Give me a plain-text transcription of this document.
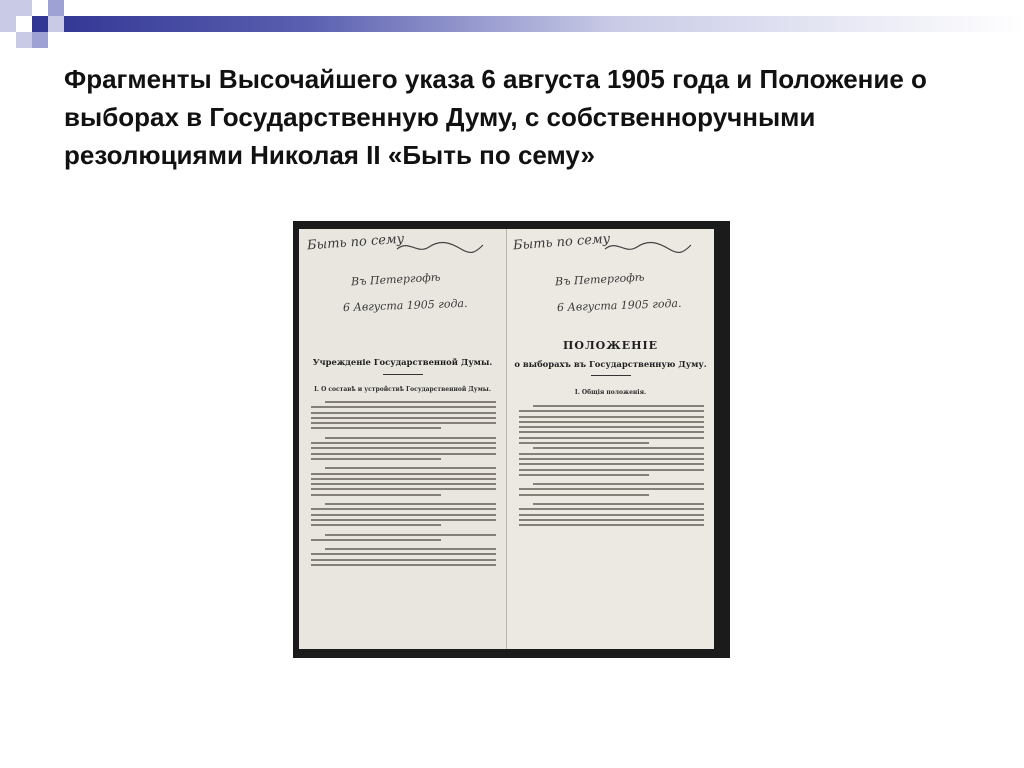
Фрагменты Высочайшего указа 6 августа 1905 года и Положение о выборах в Государственную Думу, с собственноручными резолюциями Николая II «Быть по сему»
Быть по сему
Въ Петергофѣ
6 Августа 1905 года.
Учрежденіе Государственной Думы.
I. О составѣ и устройствѣ Государственной Думы.
Быть по сему
Въ Петергофѣ
6 Августа 1905 года.
ПОЛОЖЕНІЕ
о выборахъ въ Государственную Думу.
I. Общія положенія.
